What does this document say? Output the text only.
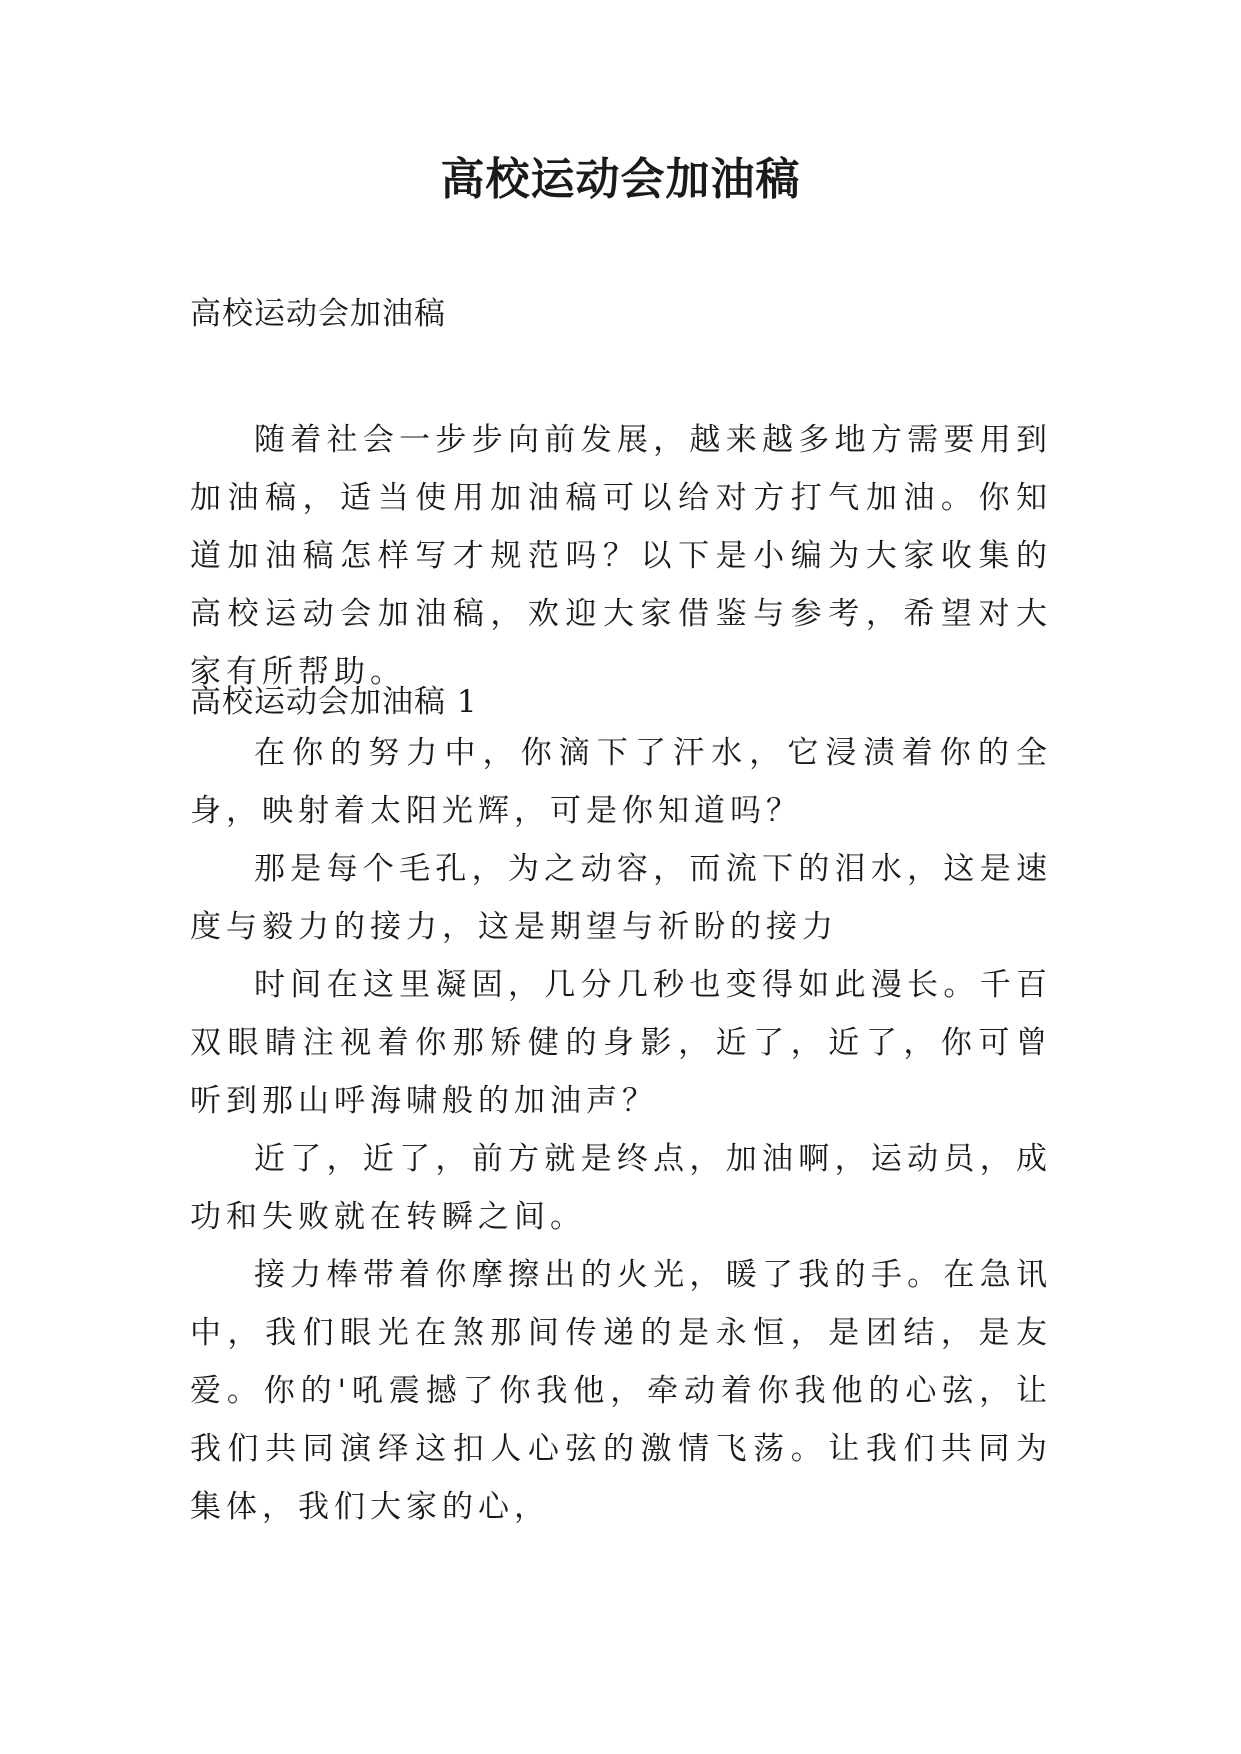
高校运动会加油稿
高校运动会加油稿

随着社会一步步向前发展，越来越多地方需要用到加油稿，适当使用加油稿可以给对方打气加油。你知道加油稿怎样写才规范吗？以下是小编为大家收集的高校运动会加油稿，欢迎大家借鉴与参考，希望对大家有所帮助。

高校运动会加油稿 1

在你的努力中，你滴下了汗水，它浸渍着你的全身，映射着太阳光辉，可是你知道吗？

那是每个毛孔，为之动容，而流下的泪水，这是速度与毅力的接力，这是期望与祈盼的接力

时间在这里凝固，几分几秒也变得如此漫长。千百双眼睛注视着你那矫健的身影，近了，近了，你可曾听到那山呼海啸般的加油声？

近了，近了，前方就是终点，加油啊，运动员，成功和失败就在转瞬之间。

接力棒带着你摩擦出的火光，暖了我的手。在急讯中，我们眼光在煞那间传递的是永恒，是团结，是友爱。你的'吼震撼了你我他，牵动着你我他的心弦，让我们共同演绎这扣人心弦的激情飞荡。让我们共同为集体，我们大家的心，
